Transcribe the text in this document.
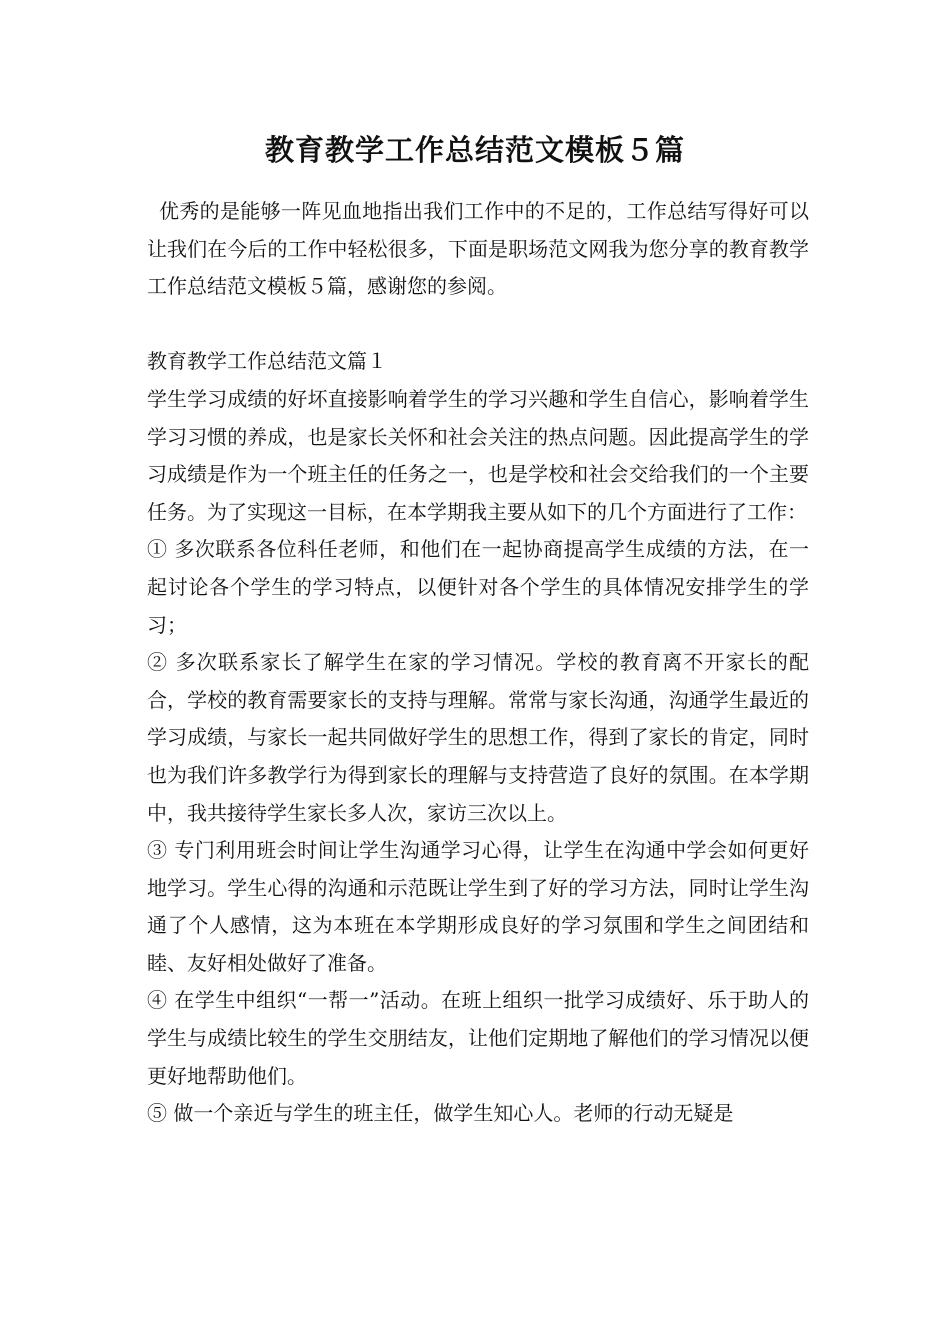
教育教学工作总结范文模板５篇

优秀的是能够一阵见血地指出我们工作中的不足的，工作总结写得好可以让我们在今后的工作中轻松很多，下面是职场范文网我为您分享的教育教学工作总结范文模板５篇，感谢您的参阅。

教育教学工作总结范文篇１

学生学习成绩的好坏直接影响着学生的学习兴趣和学生自信心，影响着学生学习习惯的养成，也是家长关怀和社会关注的热点问题。因此提高学生的学习成绩是作为一个班主任的任务之一，也是学校和社会交给我们的一个主要任务。为了实现这一目标，在本学期我主要从如下的几个方面进行了工作：

① 多次联系各位科任老师，和他们在一起协商提高学生成绩的方法，在一起讨论各个学生的学习特点，以便针对各个学生的具体情况安排学生的学习；

② 多次联系家长了解学生在家的学习情况。学校的教育离不开家长的配合，学校的教育需要家长的支持与理解。常常与家长沟通，沟通学生最近的学习成绩，与家长一起共同做好学生的思想工作，得到了家长的肯定，同时也为我们许多教学行为得到家长的理解与支持营造了良好的氛围。在本学期中，我共接待学生家长多人次，家访三次以上。

③ 专门利用班会时间让学生沟通学习心得，让学生在沟通中学会如何更好地学习。学生心得的沟通和示范既让学生到了好的学习方法，同时让学生沟通了个人感情，这为本班在本学期形成良好的学习氛围和学生之间团结和睦、友好相处做好了准备。

④ 在学生中组织“一帮一”活动。在班上组织一批学习成绩好、乐于助人的学生与成绩比较生的学生交朋结友，让他们定期地了解他们的学习情况以便更好地帮助他们。

⑤ 做一个亲近与学生的班主任，做学生知心人。老师的行动无疑是
